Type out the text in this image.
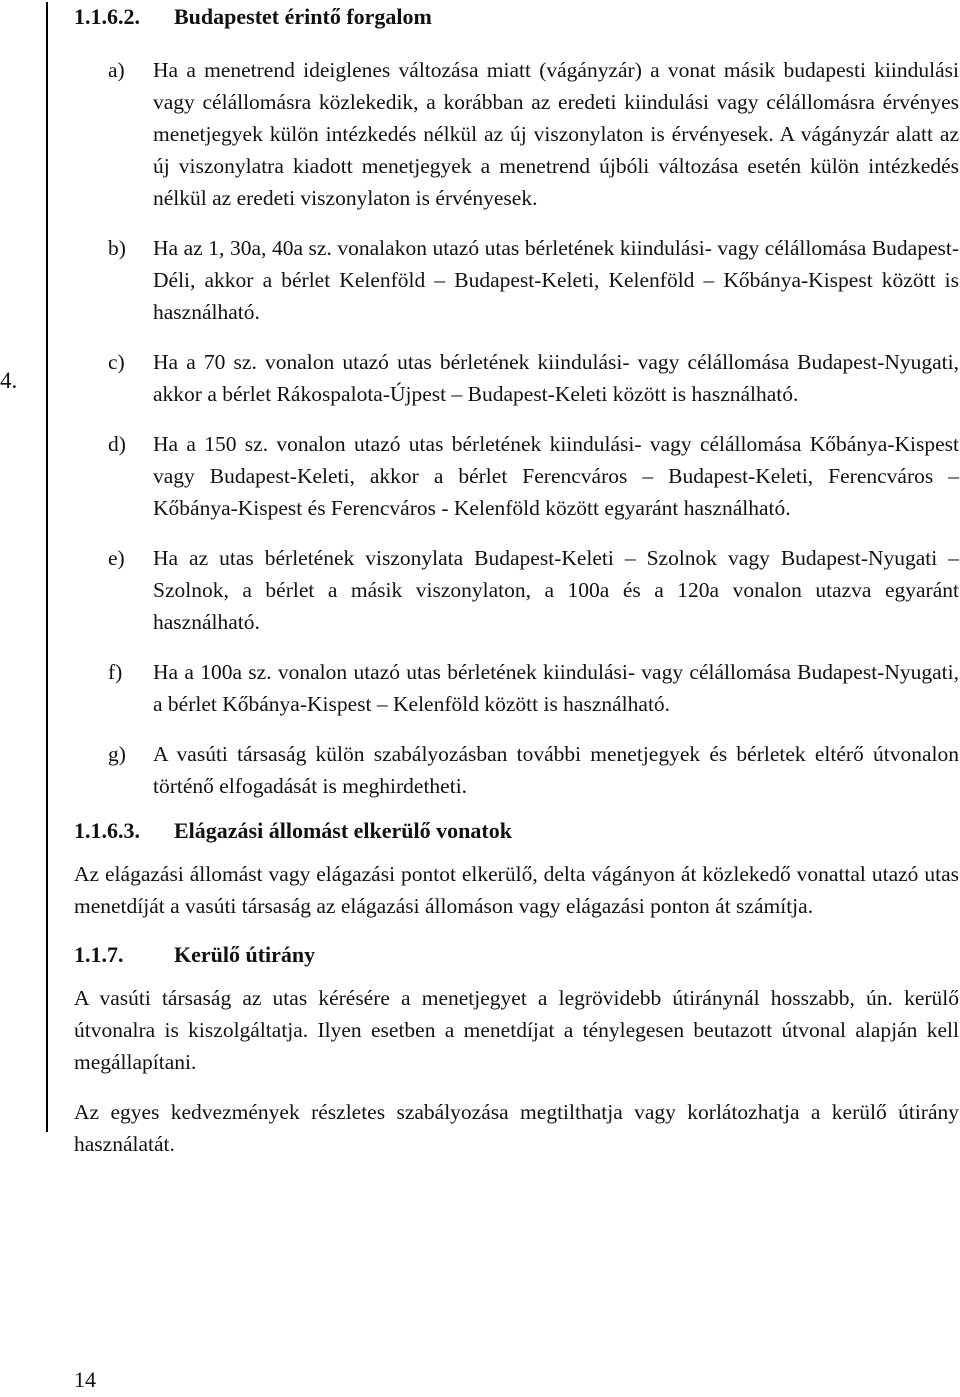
4.
1.1.6.2.	Budapestet érintő forgalom
a)	Ha a menetrend ideiglenes változása miatt (vágányzár) a vonat másik budapesti kiindulási vagy célállomásra közlekedik, a korábban az eredeti kiindulási vagy célállomásra érvényes menetjegyek külön intézkedés nélkül az új viszonylaton is érvényesek. A vágányzár alatt az új viszonylatra kiadott menetjegyek a menetrend újbóli változása esetén külön intézkedés nélkül az eredeti viszonylaton is érvényesek.
b)	Ha az 1, 30a, 40a sz. vonalakon utazó utas bérletének kiindulási- vagy célállomása Budapest-Déli, akkor a bérlet Kelenföld – Budapest-Keleti, Kelenföld – Kőbánya-Kispest között is használható.
c)	Ha a 70 sz. vonalon utazó utas bérletének kiindulási- vagy célállomása Budapest-Nyugati, akkor a bérlet Rákospalota-Újpest – Budapest-Keleti között is használható.
d)	Ha a 150 sz. vonalon utazó utas bérletének kiindulási- vagy célállomása Kőbánya-Kispest vagy Budapest-Keleti, akkor a bérlet Ferencváros – Budapest-Keleti, Ferencváros – Kőbánya-Kispest és Ferencváros - Kelenföld között egyaránt használható.
e)	Ha az utas bérletének viszonylata Budapest-Keleti – Szolnok vagy Budapest-Nyugati – Szolnok, a bérlet a másik viszonylaton, a 100a és a 120a vonalon utazva egyaránt használható.
f)	Ha a 100a sz. vonalon utazó utas bérletének kiindulási- vagy célállomása Budapest-Nyugati, a bérlet Kőbánya-Kispest – Kelenföld között is használható.
g)	A vasúti társaság külön szabályozásban további menetjegyek és bérletek eltérő útvonalon történő elfogadását is meghirdetheti.
1.1.6.3.	Elágazási állomást elkerülő vonatok
Az elágazási állomást vagy elágazási pontot elkerülő, delta vágányon át közlekedő vonattal utazó utas menetdíját a vasúti társaság az elágazási állomáson vagy elágazási ponton át számítja.
1.1.7.	Kerülő útirány
A vasúti társaság az utas kérésére a menetjegyet a legrövidebb útiránynál hosszabb, ún. kerülő útvonalra is kiszolgáltatja. Ilyen esetben a menetdíjat a ténylegesen beutazott útvonal alapján kell megállapítani.
Az egyes kedvezmények részletes szabályozása megtilthatja vagy korlátozhatja a kerülő útirány használatát.
14
